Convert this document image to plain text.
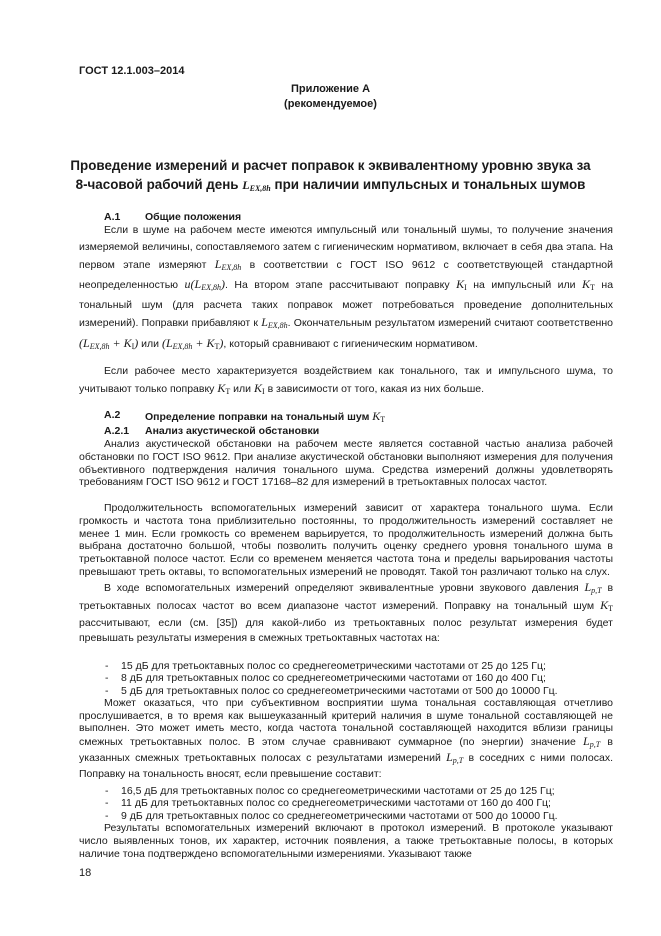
ГОСТ 12.1.003–2014
Приложение А
(рекомендуемое)
Проведение измерений и расчет поправок к эквивалентному уровню звука за
8-часовой рабочий день $L_{EX,8h}$ при наличии импульсных и тональных шумов
А.1 Общие положения
Если в шуме на рабочем месте имеются импульсный или тональный шумы, то получение значения измеряемой величины, сопоставляемого затем с гигиеническим нормативом, включает в себя два этапа. На первом этапе измеряют $L_{EX,8h}$ в соответствии с ГОСТ ISO 9612 с соответствующей стандартной неопределенностью $u(L_{EX,8h})$. На втором этапе рассчитывают поправку $K_I$ на импульсный или $K_T$ на тональный шум (для расчета таких поправок может потребоваться проведение дополнительных измерений). Поправки прибавляют к $L_{EX,8h}$. Окончательным результатом измерений считают соответственно $(L_{EX,8h} + K_I)$ или $(L_{EX,8h} + K_T)$, который сравнивают с гигиеническим нормативом.
Если рабочее место характеризуется воздействием как тонального, так и импульсного шума, то учитывают только поправку $K_T$ или $K_I$ в зависимости от того, какая из них больше.
А.2 Определение поправки на тональный шум $K_T$
А.2.1 Анализ акустической обстановки
Анализ акустической обстановки на рабочем месте является составной частью анализа рабочей обстановки по ГОСТ ISO 9612. При анализе акустической обстановки выполняют измерения для получения объективного подтверждения наличия тонального шума. Средства измерений должны удовлетворять требованиям ГОСТ ISO 9612 и ГОСТ 17168–82 для измерений в третьоктавных полосах частот.
Продолжительность вспомогательных измерений зависит от характера тонального шума. Если громкость и частота тона приблизительно постоянны, то продолжительность измерений составляет не менее 1 мин. Если громкость со временем варьируется, то продолжительность измерений должна быть выбрана достаточно большой, чтобы позволить получить оценку среднего уровня тонального шума в третьоктавной полосе частот. Если со временем меняется частота тона и пределы варьирования частоты превышают треть октавы, то вспомогательных измерений не проводят. Такой тон различают только на слух.
В ходе вспомогательных измерений определяют эквивалентные уровни звукового давления $L_{p,T}$ в третьоктавных полосах частот во всем диапазоне частот измерений. Поправку на тональный шум $K_T$ рассчитывают, если (см. [35]) для какой-либо из третьоктавных полос результат измерения будет превышать результаты измерения в смежных третьоктавных частотах на:
- 15 дБ для третьоктавных полос со среднегеометрическими частотами от 25 до 125 Гц;
- 8 дБ для третьоктавных полос со среднегеометрическими частотами от 160 до 400 Гц;
- 5 дБ для третьоктавных полос со среднегеометрическими частотами от 500 до 10000 Гц.
Может оказаться, что при субъективном восприятии шума тональная составляющая отчетливо прослушивается, в то время как вышеуказанный критерий наличия в шуме тональной составляющей не выполнен. Это может иметь место, когда частота тональной составляющей находится вблизи границы смежных третьоктавных полос. В этом случае сравнивают суммарное (по энергии) значение $L_{p,T}$ в указанных смежных третьоктавных полосах с результатами измерений $L_{p,T}$ в соседних с ними полосах. Поправку на тональность вносят, если превышение составит:
- 16,5 дБ для третьоктавных полос со среднегеометрическими частотами от 25 до 125 Гц;
- 11 дБ для третьоктавных полос со среднегеометрическими частотами от 160 до 400 Гц;
- 9 дБ для третьоктавных полос со среднегеометрическими частотами от 500 до 10000 Гц.
Результаты вспомогательных измерений включают в протокол измерений. В протоколе указывают число выявленных тонов, их характер, источник появления, а также третьоктавные полосы, в которых наличие тона подтверждено вспомогательными измерениями. Указывают также
18
